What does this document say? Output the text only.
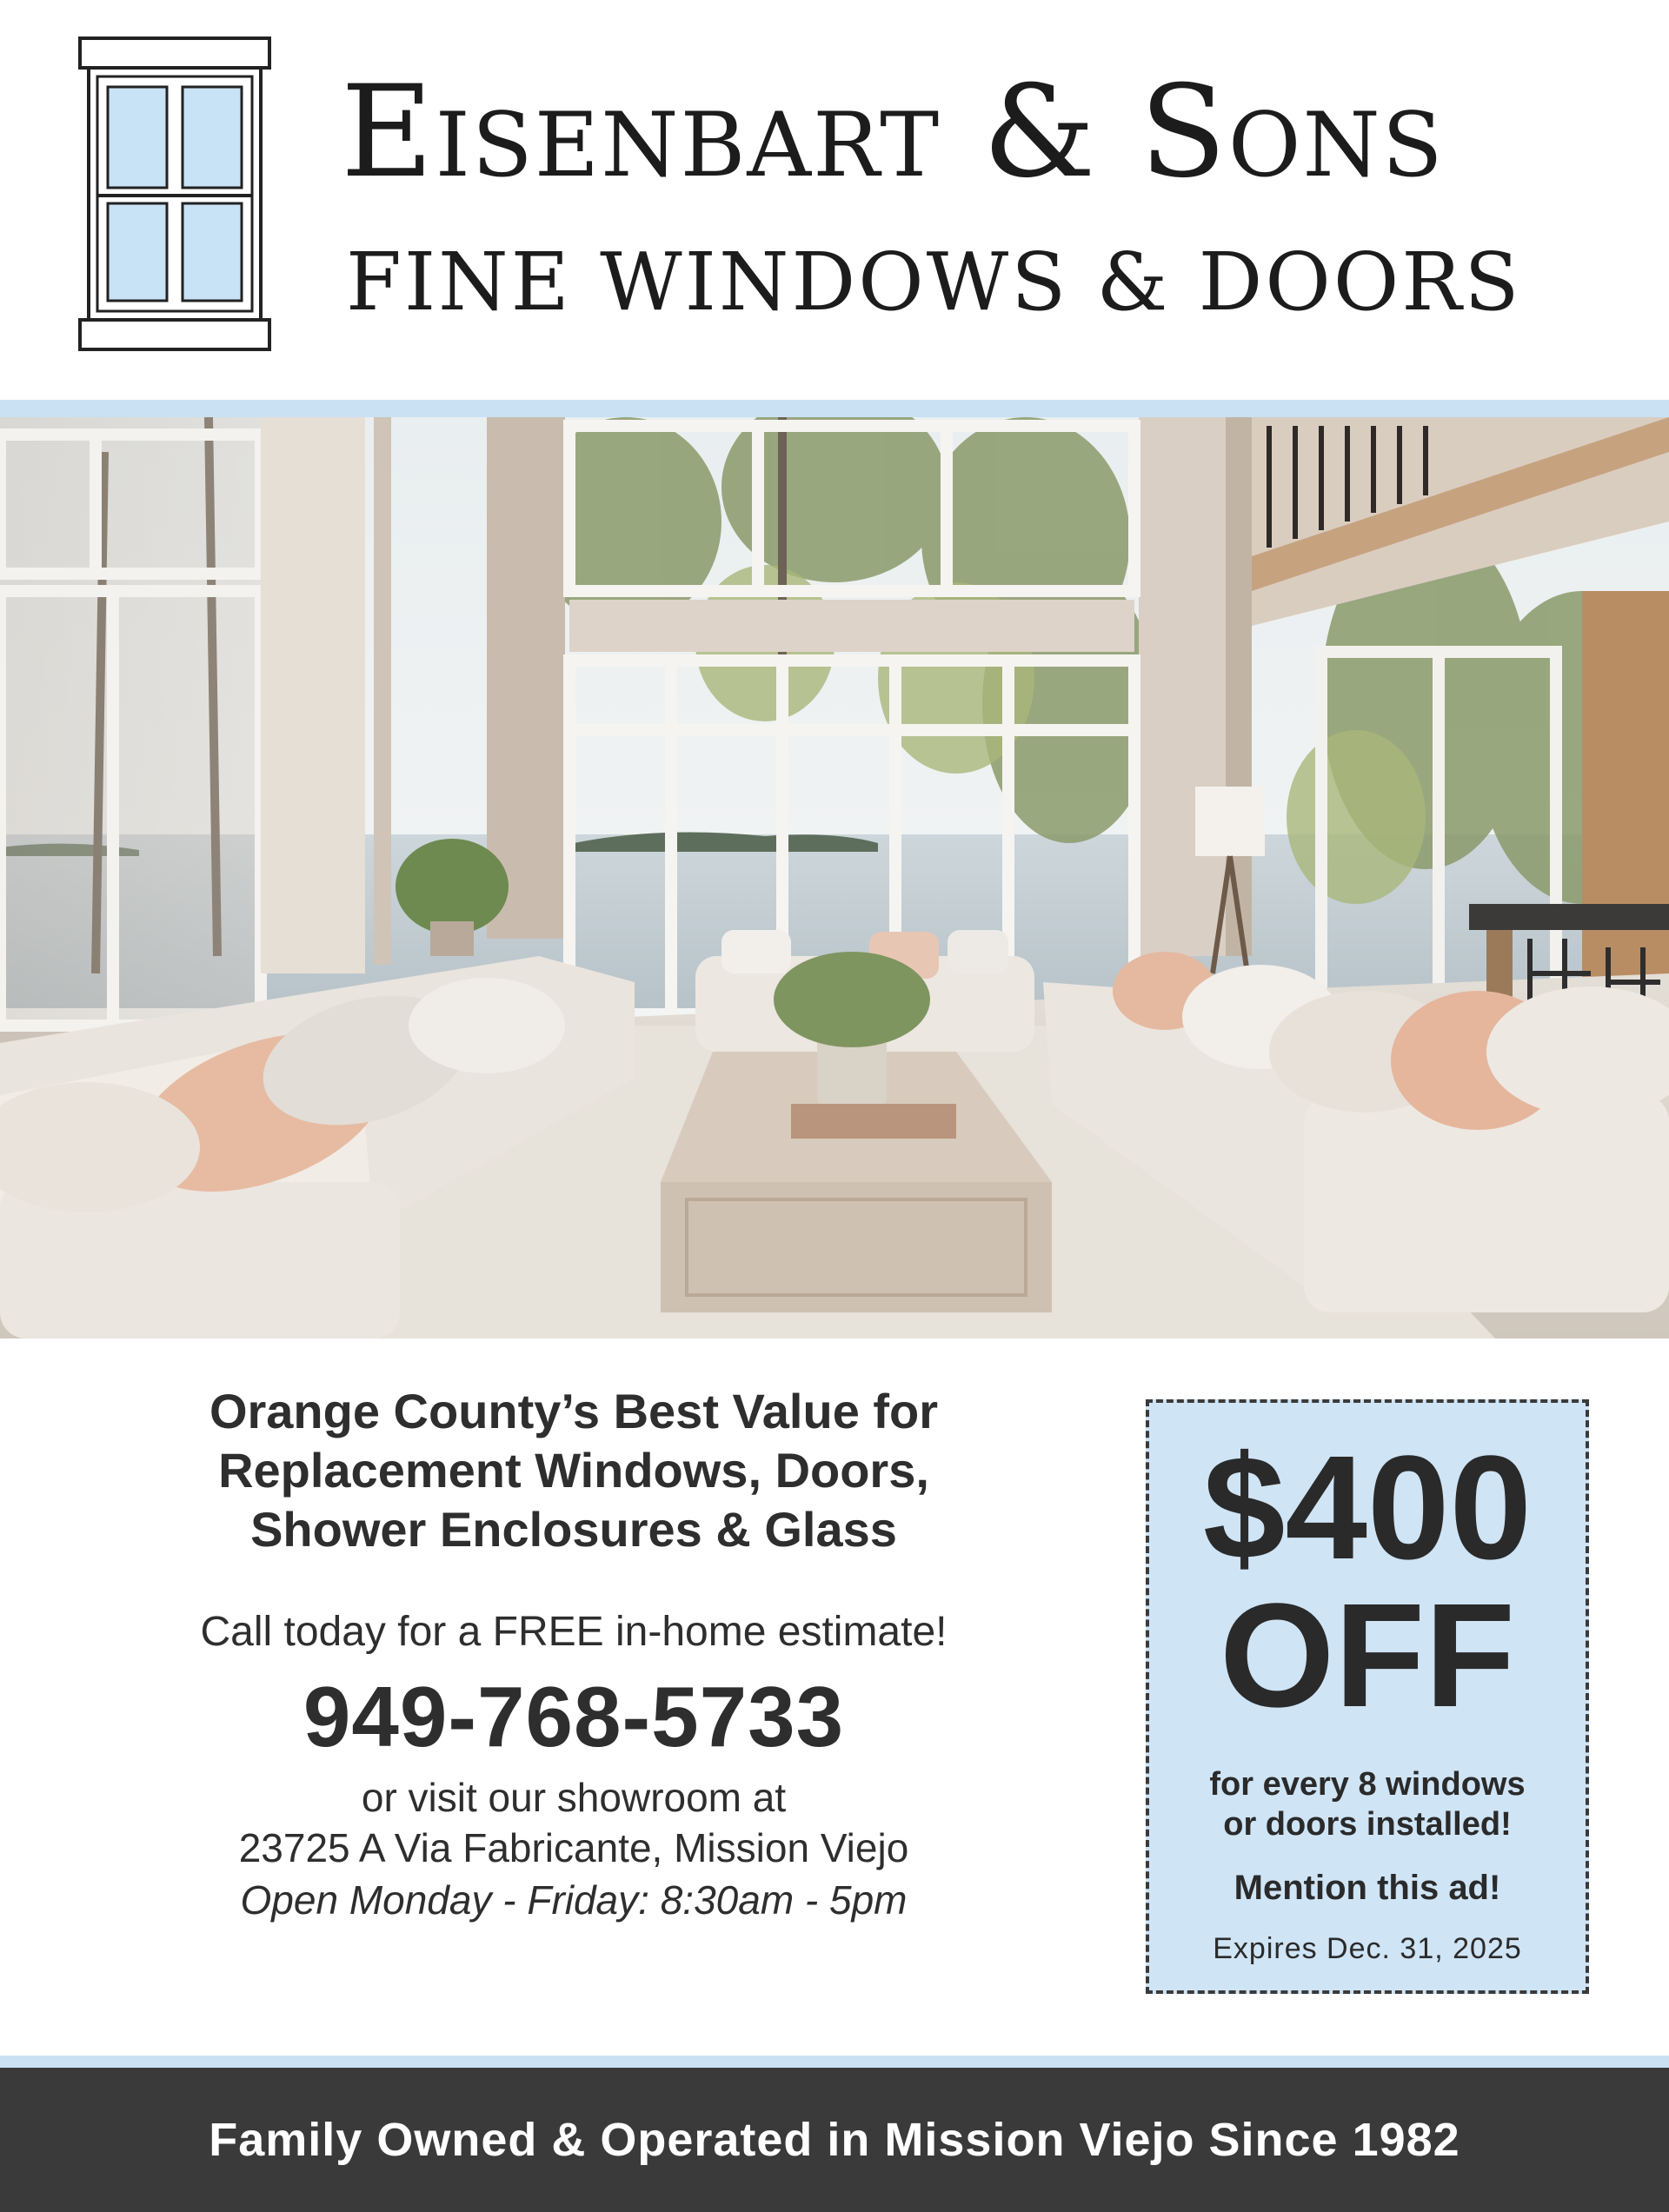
Eisenbart & Sons
FINE WINDOWS & DOORS

Orange County’s Best Value for
Replacement Windows, Doors,
Shower Enclosures & Glass

Call today for a FREE in-home estimate!
949-768-5733
or visit our showroom at
23725 A Via Fabricante, Mission Viejo
Open Monday - Friday: 8:30am - 5pm
$400
OFF
for every 8 windows
or doors installed!
Mention this ad!
Expires Dec. 31, 2025
Family Owned & Operated in Mission Viejo Since 1982
